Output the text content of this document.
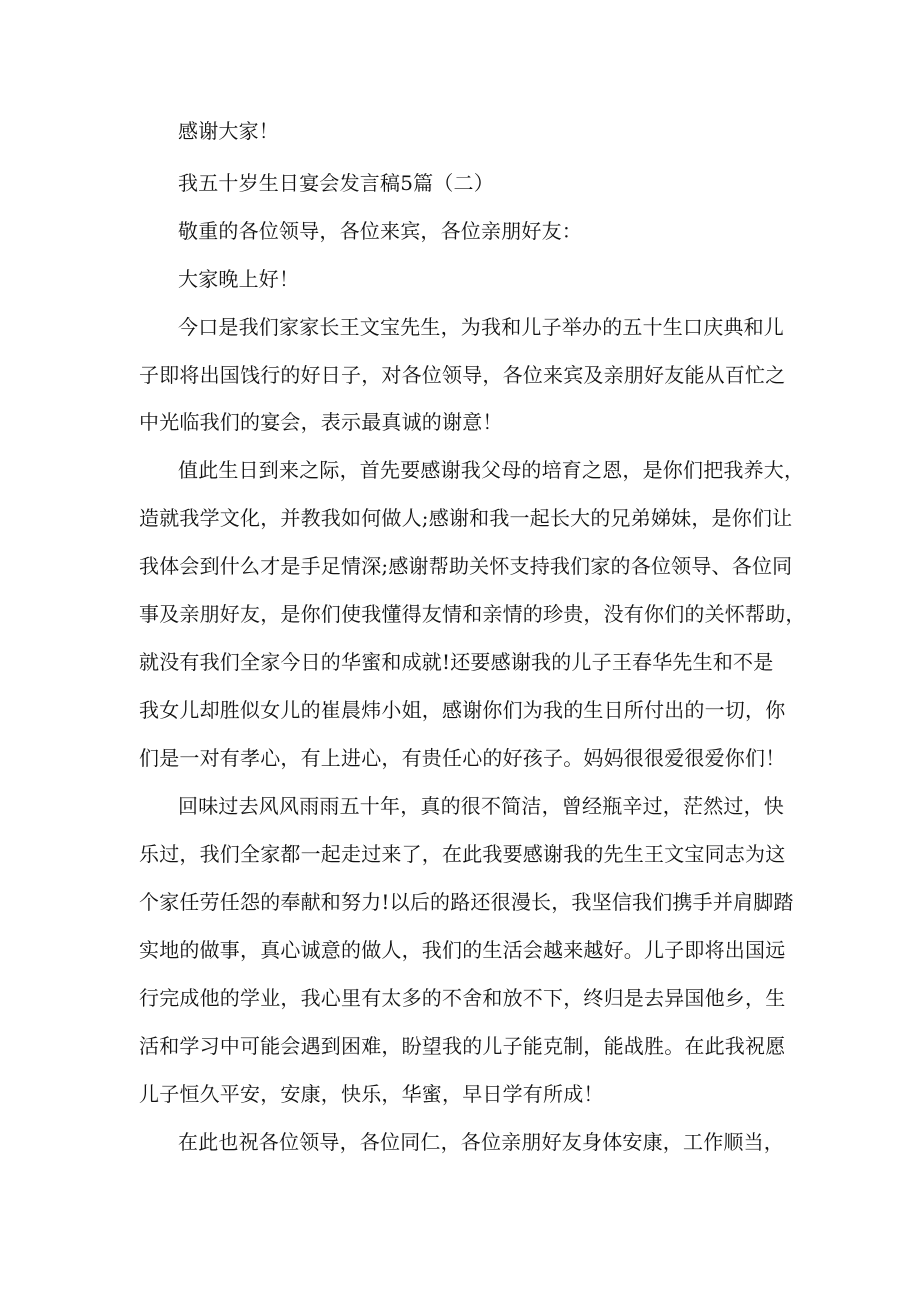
感谢大家！
我五十岁生日宴会发言稿5篇（二）
敬重的各位领导，各位来宾，各位亲朋好友：
大家晚上好！
今口是我们家家长王文宝先生，为我和儿子举办的五十生口庆典和儿
子即将出国饯行的好日子，对各位领导，各位来宾及亲朋好友能从百忙之
中光临我们的宴会，表示最真诚的谢意！
值此生日到来之际，首先要感谢我父母的培育之恩，是你们把我养大，
造就我学文化，并教我如何做人;感谢和我一起长大的兄弟娣妹，是你们让
我体会到什么才是手足情深;感谢帮助关怀支持我们家的各位领导、各位同
事及亲朋好友，是你们使我懂得友情和亲情的珍贵，没有你们的关怀帮助，
就没有我们全家今日的华蜜和成就!还要感谢我的儿子王春华先生和不是
我女儿却胜似女儿的崔晨炜小姐，感谢你们为我的生日所付出的一切，你
们是一对有孝心，有上进心，有贵任心的好孩子。妈妈很很爱很爱你们！
回味过去风风雨雨五十年，真的很不简洁，曾经瓶辛过，茫然过，快
乐过，我们全家都一起走过来了，在此我要感谢我的先生王文宝同志为这
个家任劳任怨的奉献和努力!以后的路还很漫长，我坚信我们携手并肩脚踏
实地的做事，真心诚意的做人，我们的生活会越来越好。儿子即将出国远
行完成他的学业，我心里有太多的不舍和放不下，终归是去异国他乡，生
活和学习中可能会遇到困难，盼望我的儿子能克制，能战胜。在此我祝愿
儿子恒久平安，安康，快乐，华蜜，早日学有所成！
在此也祝各位领导，各位同仁，各位亲朋好友身体安康，工作顺当，
